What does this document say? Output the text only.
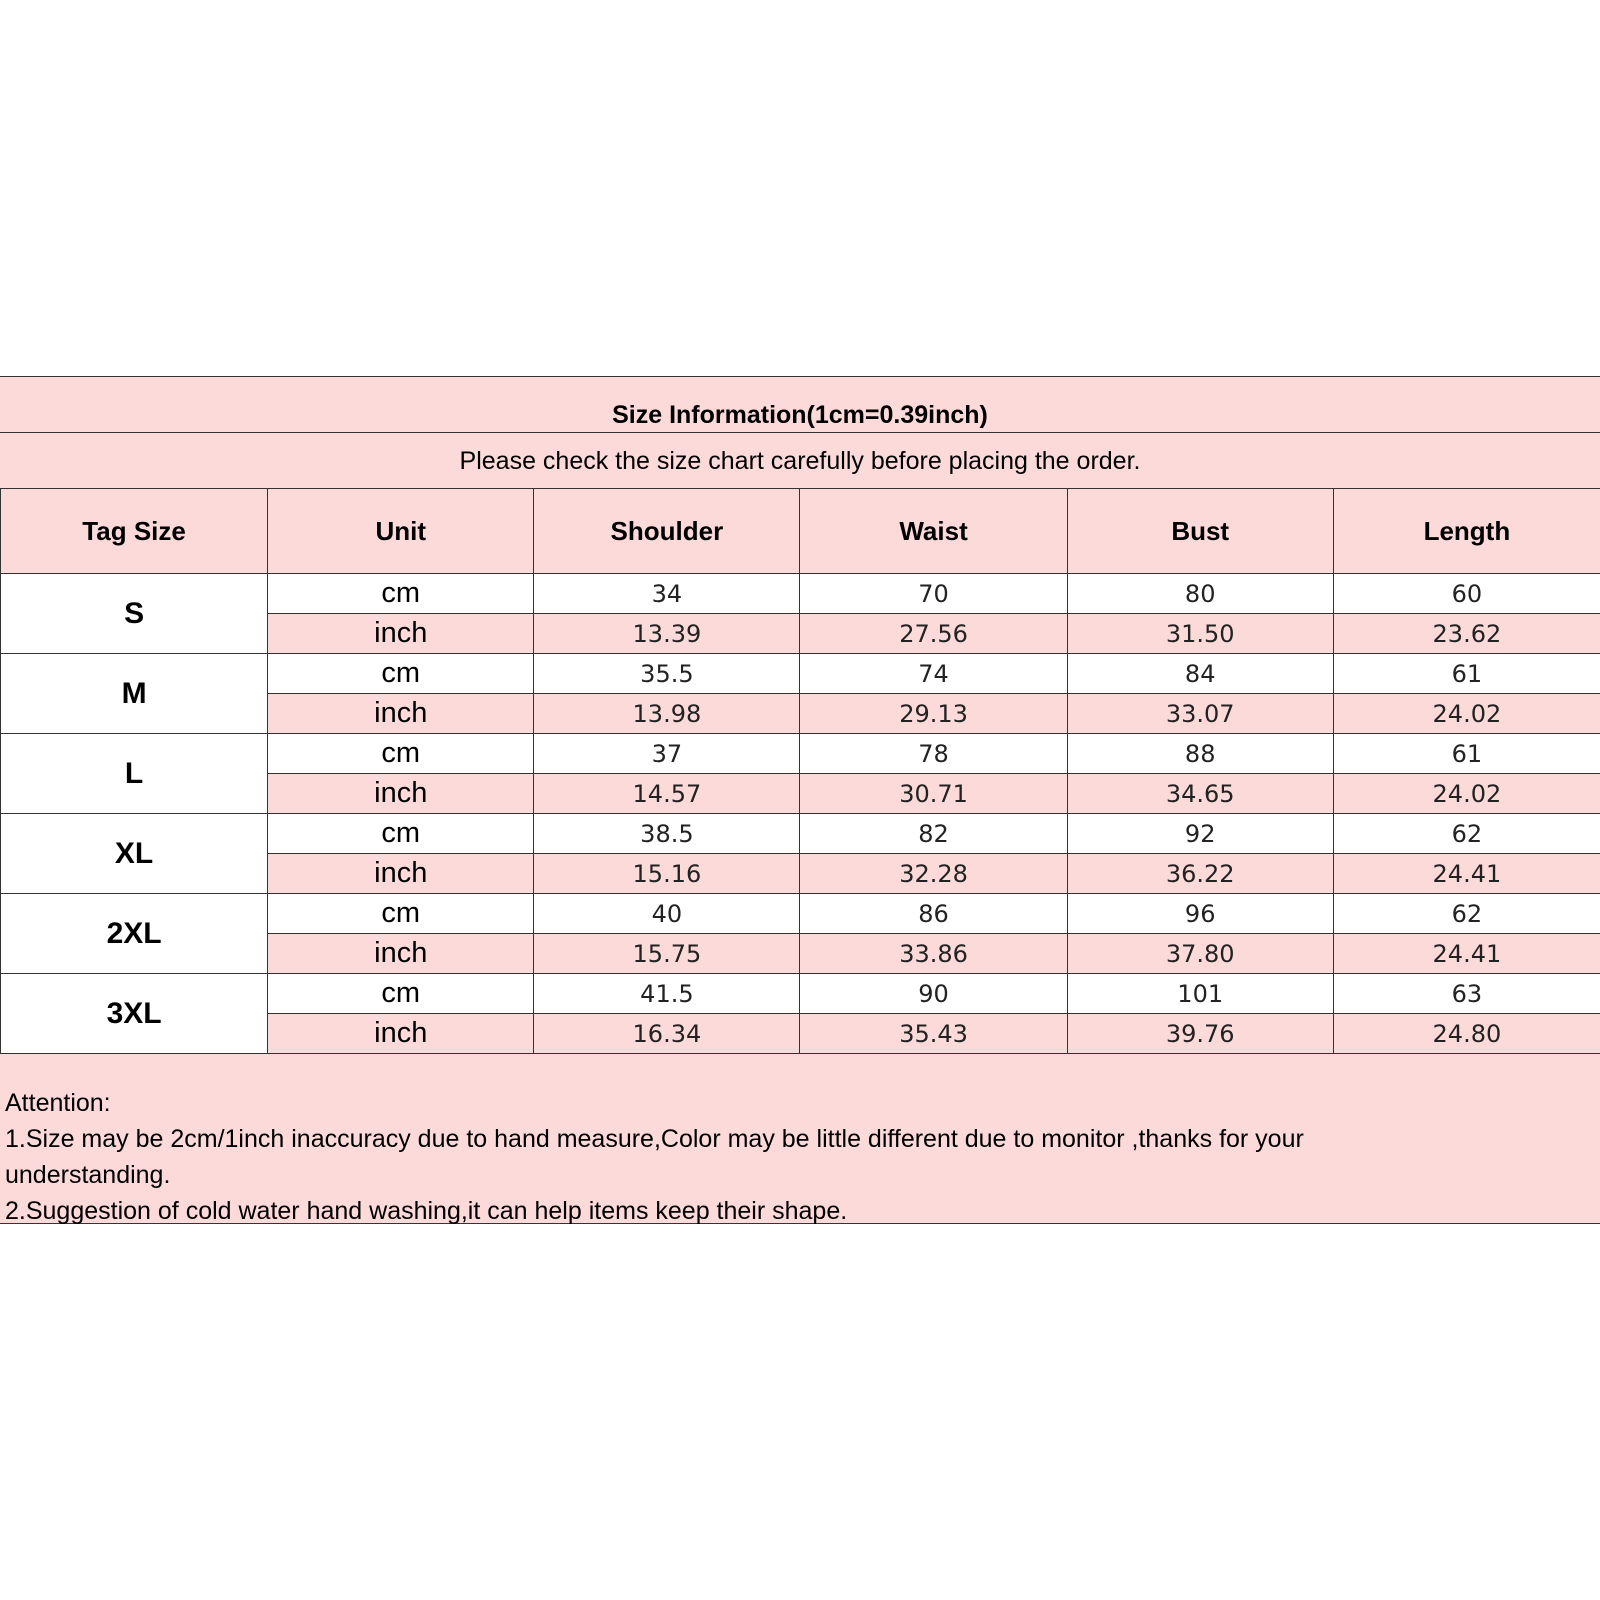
Size Information(1cm=0.39inch)
Please check the size chart carefully before placing the order.
Tag Size	Unit	Shoulder	Waist	Bust	Length
S	cm	34	70	80	60
	inch	13.39	27.56	31.50	23.62
M	cm	35.5	74	84	61
	inch	13.98	29.13	33.07	24.02
L	cm	37	78	88	61
	inch	14.57	30.71	34.65	24.02
XL	cm	38.5	82	92	62
	inch	15.16	32.28	36.22	24.41
2XL	cm	40	86	96	62
	inch	15.75	33.86	37.80	24.41
3XL	cm	41.5	90	101	63
	inch	16.34	35.43	39.76	24.80
Attention:
1.Size may be 2cm/1inch inaccuracy due to hand measure,Color may be little different due to monitor ,thanks for your
understanding.
2.Suggestion of cold water hand washing,it can help items keep their shape.
